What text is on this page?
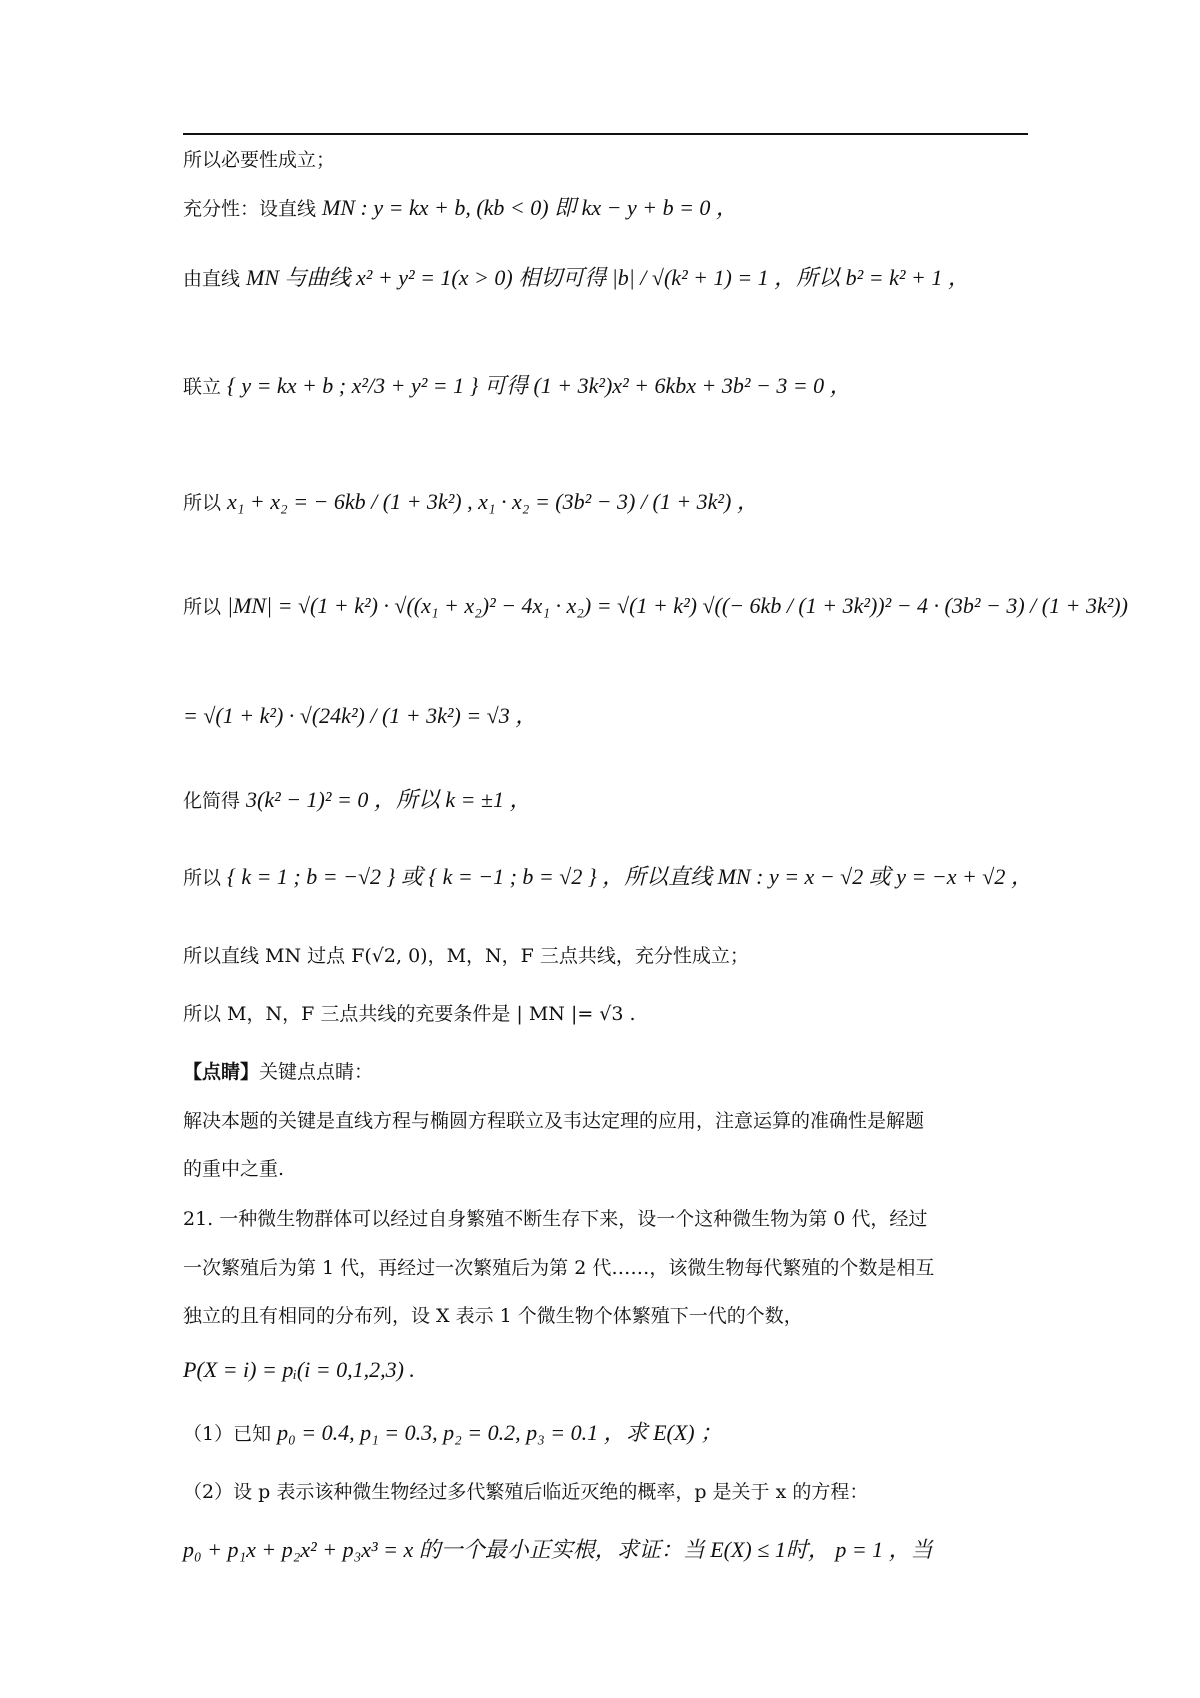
所以必要性成立；
充分性：设直线 MN : y = kx + b, (kb < 0) 即 kx − y + b = 0 ，
由直线 MN 与曲线 x² + y² = 1(x > 0) 相切可得 |b| / √(k² + 1) = 1 ，所以 b² = k² + 1 ，
联立 { y = kx + b ; x²/3 + y² = 1 } 可得 (1 + 3k²)x² + 6kbx + 3b² − 3 = 0 ，
所以 x₁ + x₂ = − 6kb / (1 + 3k²) , x₁ · x₂ = (3b² − 3) / (1 + 3k²) ，
所以 |MN| = √(1 + k²) · √((x₁ + x₂)² − 4x₁ · x₂) = √(1 + k²) √((− 6kb / (1 + 3k²))² − 4 · (3b² − 3) / (1 + 3k²))
= √(1 + k²) · √(24k²) / (1 + 3k²) = √3 ，
化简得 3(k² − 1)² = 0 ，所以 k = ±1 ，
所以 { k = 1 ; b = −√2 } 或 { k = −1 ; b = √2 } ，所以直线 MN : y = x − √2 或 y = −x + √2 ，
所以直线 MN 过点 F(√2, 0)，M，N，F 三点共线，充分性成立；
所以 M，N，F 三点共线的充要条件是 | MN |= √3 .
【点睛】关键点点睛：
解决本题的关键是直线方程与椭圆方程联立及韦达定理的应用，注意运算的准确性是解题
的重中之重.
21. 一种微生物群体可以经过自身繁殖不断生存下来，设一个这种微生物为第 0 代，经过
一次繁殖后为第 1 代，再经过一次繁殖后为第 2 代……，该微生物每代繁殖的个数是相互
独立的且有相同的分布列，设 X 表示 1 个微生物个体繁殖下一代的个数，
P(X = i) = pᵢ(i = 0,1,2,3) .
（1）已知 p₀ = 0.4, p₁ = 0.3, p₂ = 0.2, p₃ = 0.1 ，求 E(X) ；
（2）设 p 表示该种微生物经过多代繁殖后临近灭绝的概率，p 是关于 x 的方程：
p₀ + p₁x + p₂x² + p₃x³ = x 的一个最小正实根，求证：当 E(X) ≤ 1时， p = 1 ，当
